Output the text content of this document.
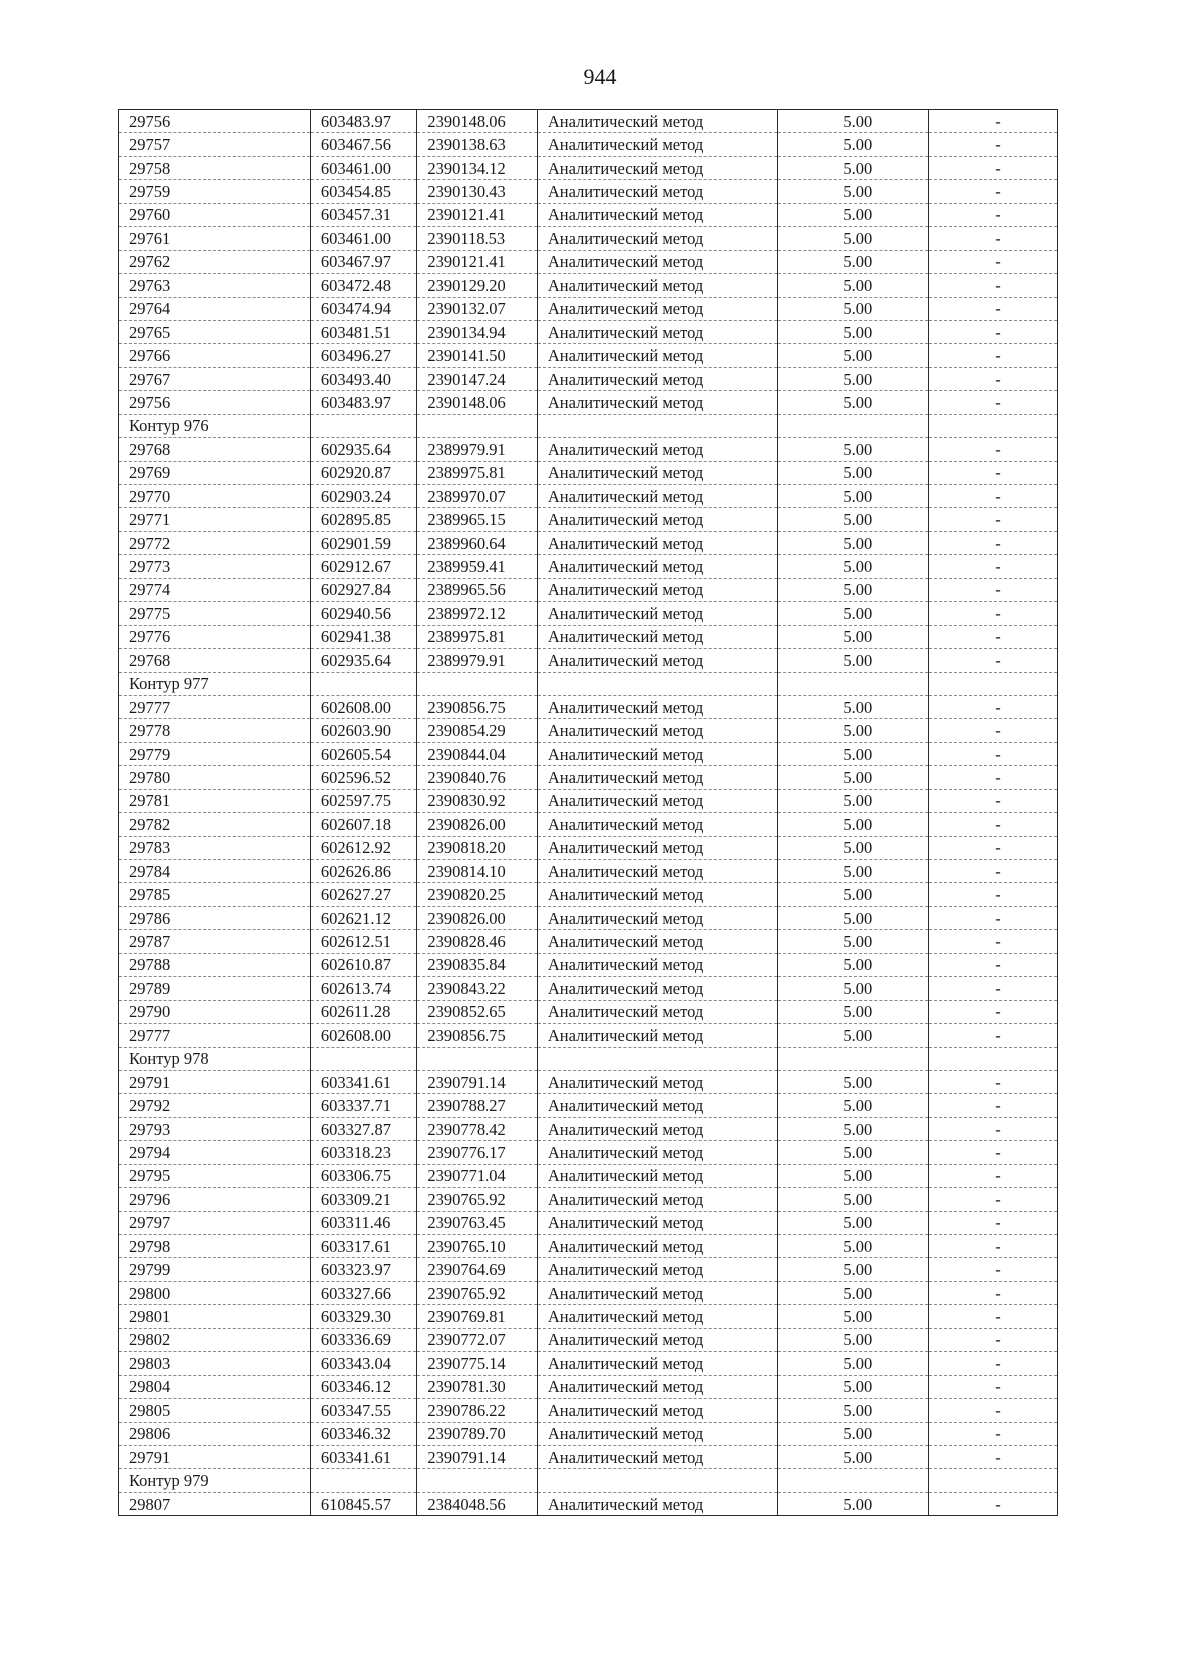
944
29756	603483.97	2390148.06	Аналитический метод	5.00	-
29757	603467.56	2390138.63	Аналитический метод	5.00	-
29758	603461.00	2390134.12	Аналитический метод	5.00	-
29759	603454.85	2390130.43	Аналитический метод	5.00	-
29760	603457.31	2390121.41	Аналитический метод	5.00	-
29761	603461.00	2390118.53	Аналитический метод	5.00	-
29762	603467.97	2390121.41	Аналитический метод	5.00	-
29763	603472.48	2390129.20	Аналитический метод	5.00	-
29764	603474.94	2390132.07	Аналитический метод	5.00	-
29765	603481.51	2390134.94	Аналитический метод	5.00	-
29766	603496.27	2390141.50	Аналитический метод	5.00	-
29767	603493.40	2390147.24	Аналитический метод	5.00	-
29756	603483.97	2390148.06	Аналитический метод	5.00	-
Контур 976					
29768	602935.64	2389979.91	Аналитический метод	5.00	-
29769	602920.87	2389975.81	Аналитический метод	5.00	-
29770	602903.24	2389970.07	Аналитический метод	5.00	-
29771	602895.85	2389965.15	Аналитический метод	5.00	-
29772	602901.59	2389960.64	Аналитический метод	5.00	-
29773	602912.67	2389959.41	Аналитический метод	5.00	-
29774	602927.84	2389965.56	Аналитический метод	5.00	-
29775	602940.56	2389972.12	Аналитический метод	5.00	-
29776	602941.38	2389975.81	Аналитический метод	5.00	-
29768	602935.64	2389979.91	Аналитический метод	5.00	-
Контур 977					
29777	602608.00	2390856.75	Аналитический метод	5.00	-
29778	602603.90	2390854.29	Аналитический метод	5.00	-
29779	602605.54	2390844.04	Аналитический метод	5.00	-
29780	602596.52	2390840.76	Аналитический метод	5.00	-
29781	602597.75	2390830.92	Аналитический метод	5.00	-
29782	602607.18	2390826.00	Аналитический метод	5.00	-
29783	602612.92	2390818.20	Аналитический метод	5.00	-
29784	602626.86	2390814.10	Аналитический метод	5.00	-
29785	602627.27	2390820.25	Аналитический метод	5.00	-
29786	602621.12	2390826.00	Аналитический метод	5.00	-
29787	602612.51	2390828.46	Аналитический метод	5.00	-
29788	602610.87	2390835.84	Аналитический метод	5.00	-
29789	602613.74	2390843.22	Аналитический метод	5.00	-
29790	602611.28	2390852.65	Аналитический метод	5.00	-
29777	602608.00	2390856.75	Аналитический метод	5.00	-
Контур 978					
29791	603341.61	2390791.14	Аналитический метод	5.00	-
29792	603337.71	2390788.27	Аналитический метод	5.00	-
29793	603327.87	2390778.42	Аналитический метод	5.00	-
29794	603318.23	2390776.17	Аналитический метод	5.00	-
29795	603306.75	2390771.04	Аналитический метод	5.00	-
29796	603309.21	2390765.92	Аналитический метод	5.00	-
29797	603311.46	2390763.45	Аналитический метод	5.00	-
29798	603317.61	2390765.10	Аналитический метод	5.00	-
29799	603323.97	2390764.69	Аналитический метод	5.00	-
29800	603327.66	2390765.92	Аналитический метод	5.00	-
29801	603329.30	2390769.81	Аналитический метод	5.00	-
29802	603336.69	2390772.07	Аналитический метод	5.00	-
29803	603343.04	2390775.14	Аналитический метод	5.00	-
29804	603346.12	2390781.30	Аналитический метод	5.00	-
29805	603347.55	2390786.22	Аналитический метод	5.00	-
29806	603346.32	2390789.70	Аналитический метод	5.00	-
29791	603341.61	2390791.14	Аналитический метод	5.00	-
Контур 979					
29807	610845.57	2384048.56	Аналитический метод	5.00	-
